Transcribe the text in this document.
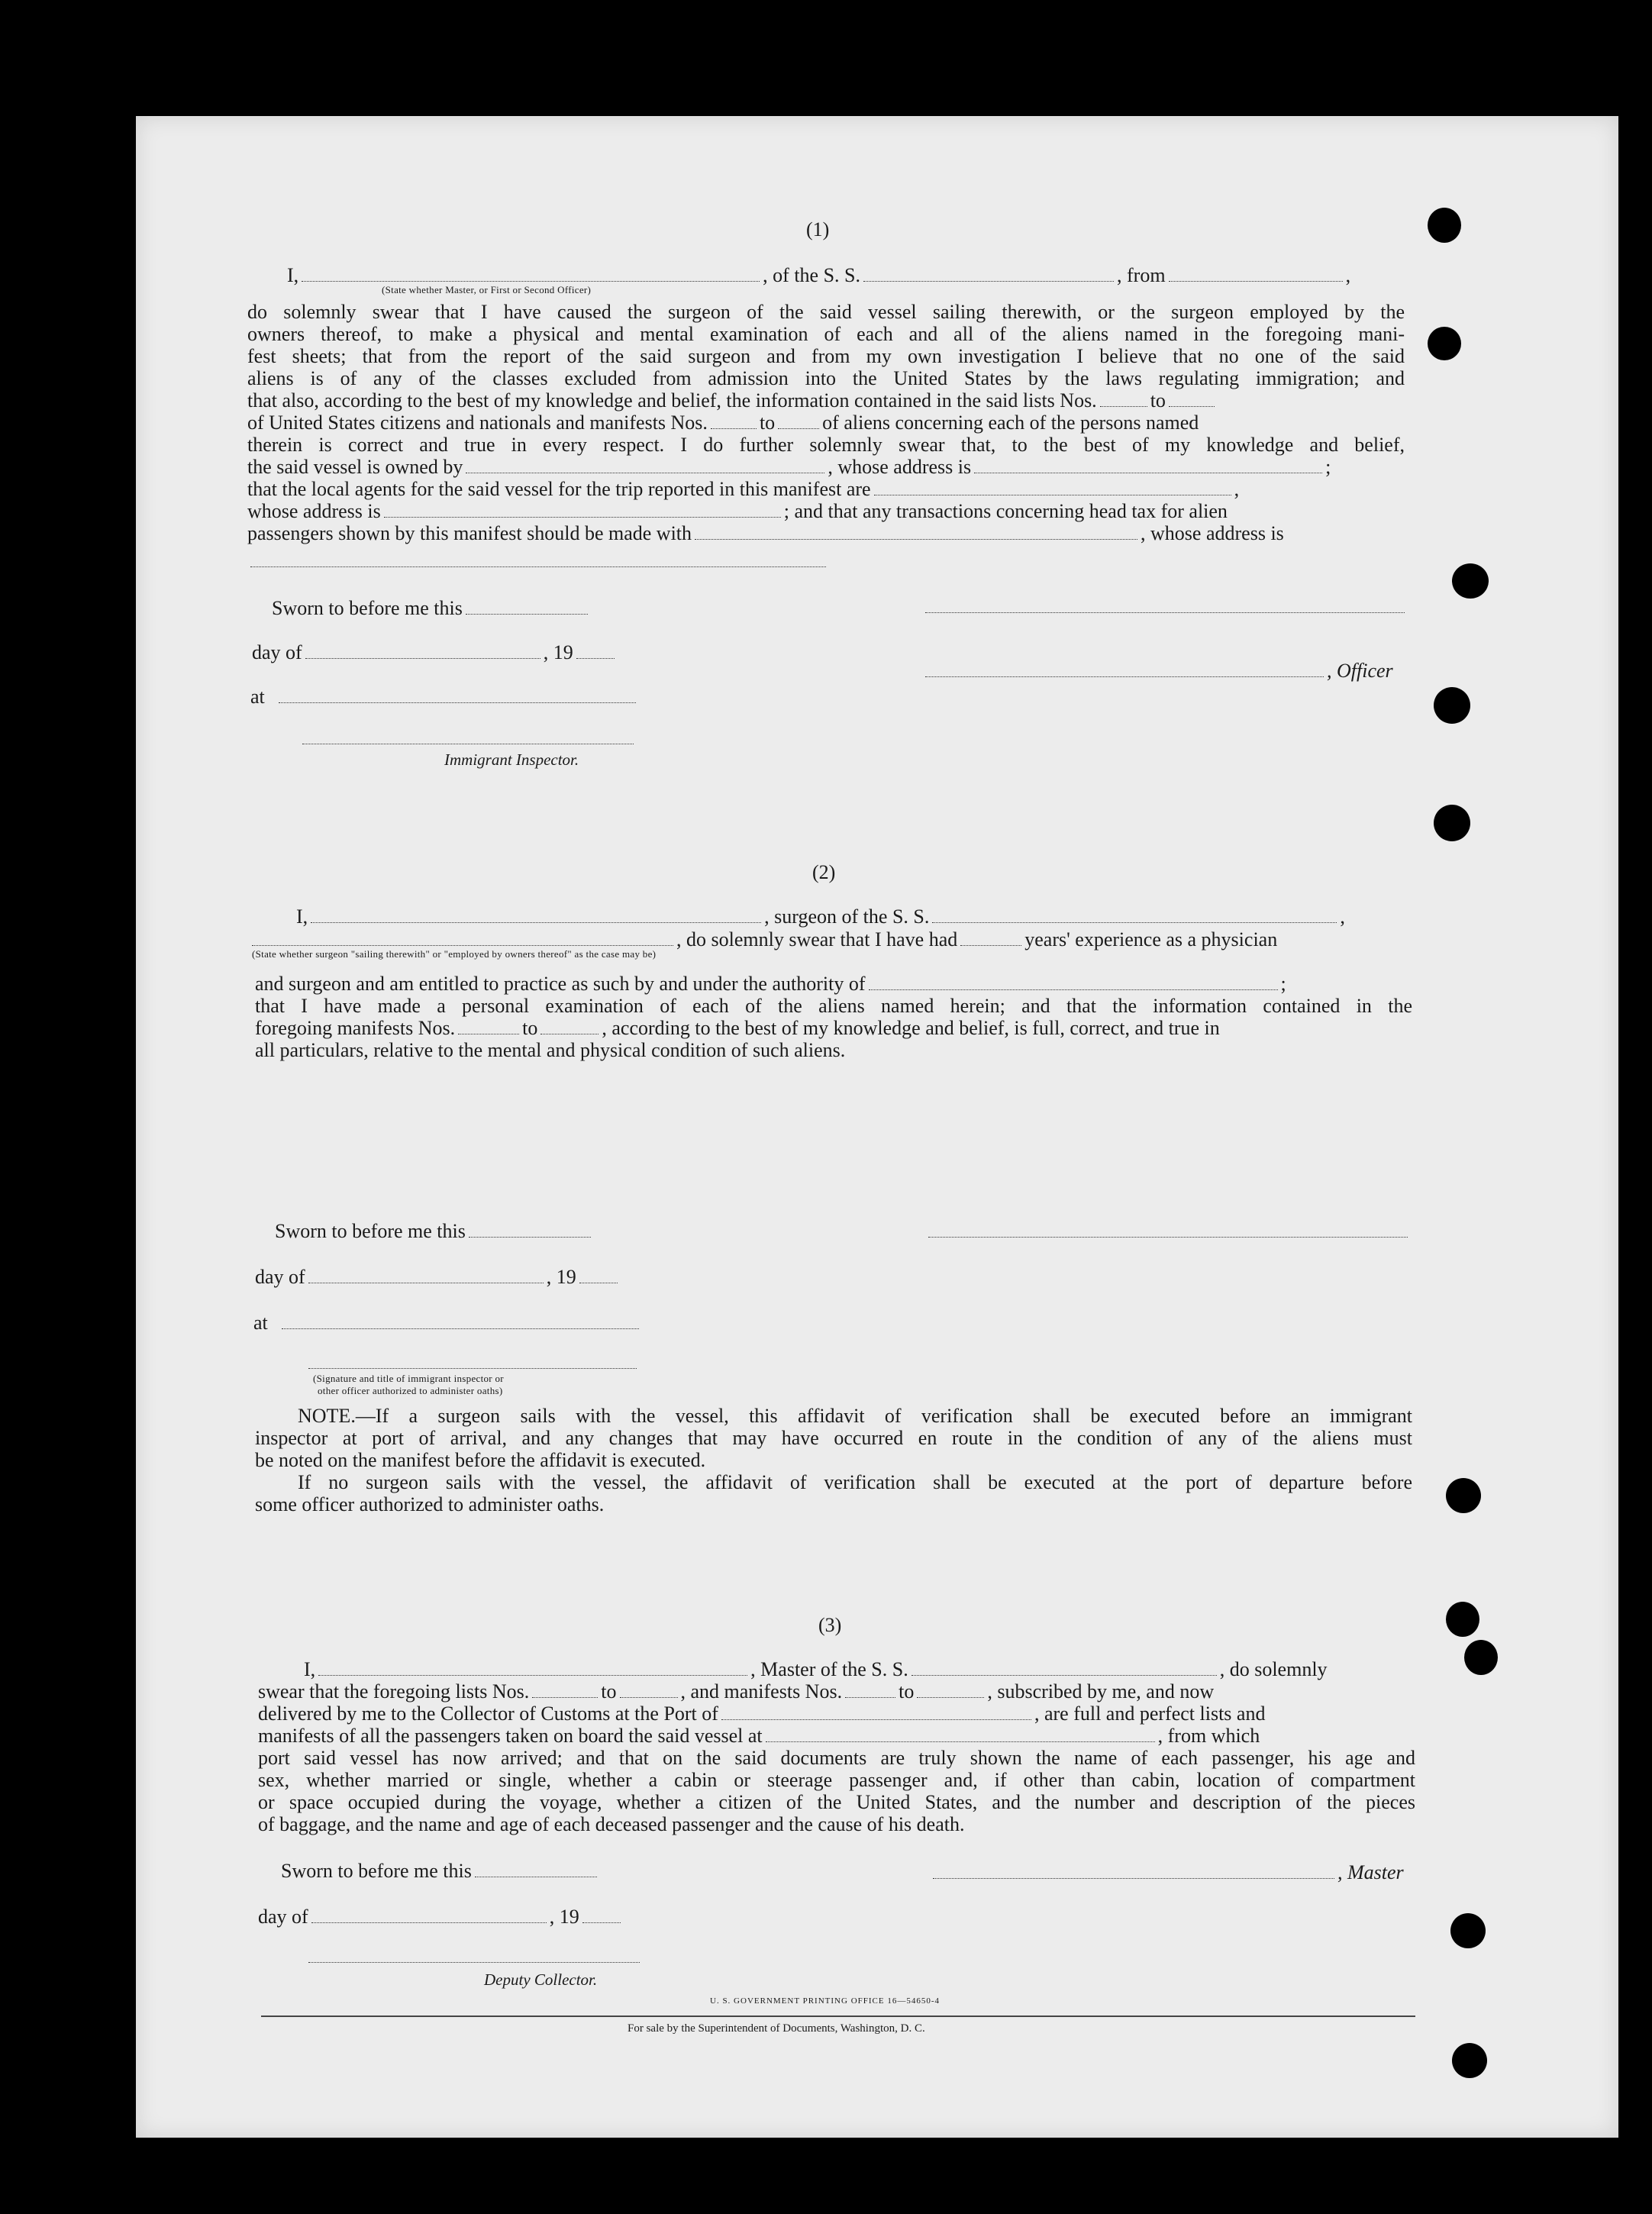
(1)
I,	, of the S. S.	, from	,
(State whether Master, or First or Second Officer)
do solemnly swear that I have caused the surgeon of the said vessel sailing therewith, or the surgeon employed by the
owners thereof, to make a physical and mental examination of each and all of the aliens named in the foregoing mani-
fest sheets; that from the report of the said surgeon and from my own investigation I believe that no one of the said
aliens is of any of the classes excluded from admission into the United States by the laws regulating immigration; and
that also, according to the best of my knowledge and belief, the information contained in the said lists Nos.	to
of United States citizens and nationals and manifests Nos.	to of aliens concerning each of the persons named
therein is correct and true in every respect. I do further solemnly swear that, to the best of my knowledge and belief,
the said vessel is owned by	, whose address is	;
that the local agents for the said vessel for the trip reported in this manifest are	,
whose address is	; and that any transactions concerning head tax for alien
passengers shown by this manifest should be made with	, whose address is
Sworn to before me this
day of	, 19
, Officer
at
Immigrant Inspector.
(2)
I,	, surgeon of the S. S.	,
, do solemnly swear that I have had	years' experience as a physician
(State whether surgeon "sailing therewith" or "employed by owners thereof" as the case may be)
and surgeon and am entitled to practice as such by and under the authority of	;
that I have made a personal examination of each of the aliens named herein; and that the information contained in the
foregoing manifests Nos.	to	, according to the best of my knowledge and belief, is full, correct, and true in
all particulars, relative to the mental and physical condition of such aliens.
Sworn to before me this
day of	, 19
at
(Signature and title of immigrant inspector or
other officer authorized to administer oaths)
NOTE.—If a surgeon sails with the vessel, this affidavit of verification shall be executed before an immigrant
inspector at port of arrival, and any changes that may have occurred en route in the condition of any of the aliens must
be noted on the manifest before the affidavit is executed.
If no surgeon sails with the vessel, the affidavit of verification shall be executed at the port of departure before
some officer authorized to administer oaths.
(3)
I,	, Master of the S. S.	, do solemnly
swear that the foregoing lists Nos.	to	, and manifests Nos.	to	, subscribed by me, and now
delivered by me to the Collector of Customs at the Port of	, are full and perfect lists and
manifests of all the passengers taken on board the said vessel at	, from which
port said vessel has now arrived; and that on the said documents are truly shown the name of each passenger, his age and
sex, whether married or single, whether a cabin or steerage passenger and, if other than cabin, location of compartment
or space occupied during the voyage, whether a citizen of the United States, and the number and description of the pieces
of baggage, and the name and age of each deceased passenger and the cause of his death.
Sworn to before me this	, Master
day of	, 19
Deputy Collector.
U. S. GOVERNMENT PRINTING OFFICE 16—54650-4
For sale by the Superintendent of Documents, Washington, D. C.
